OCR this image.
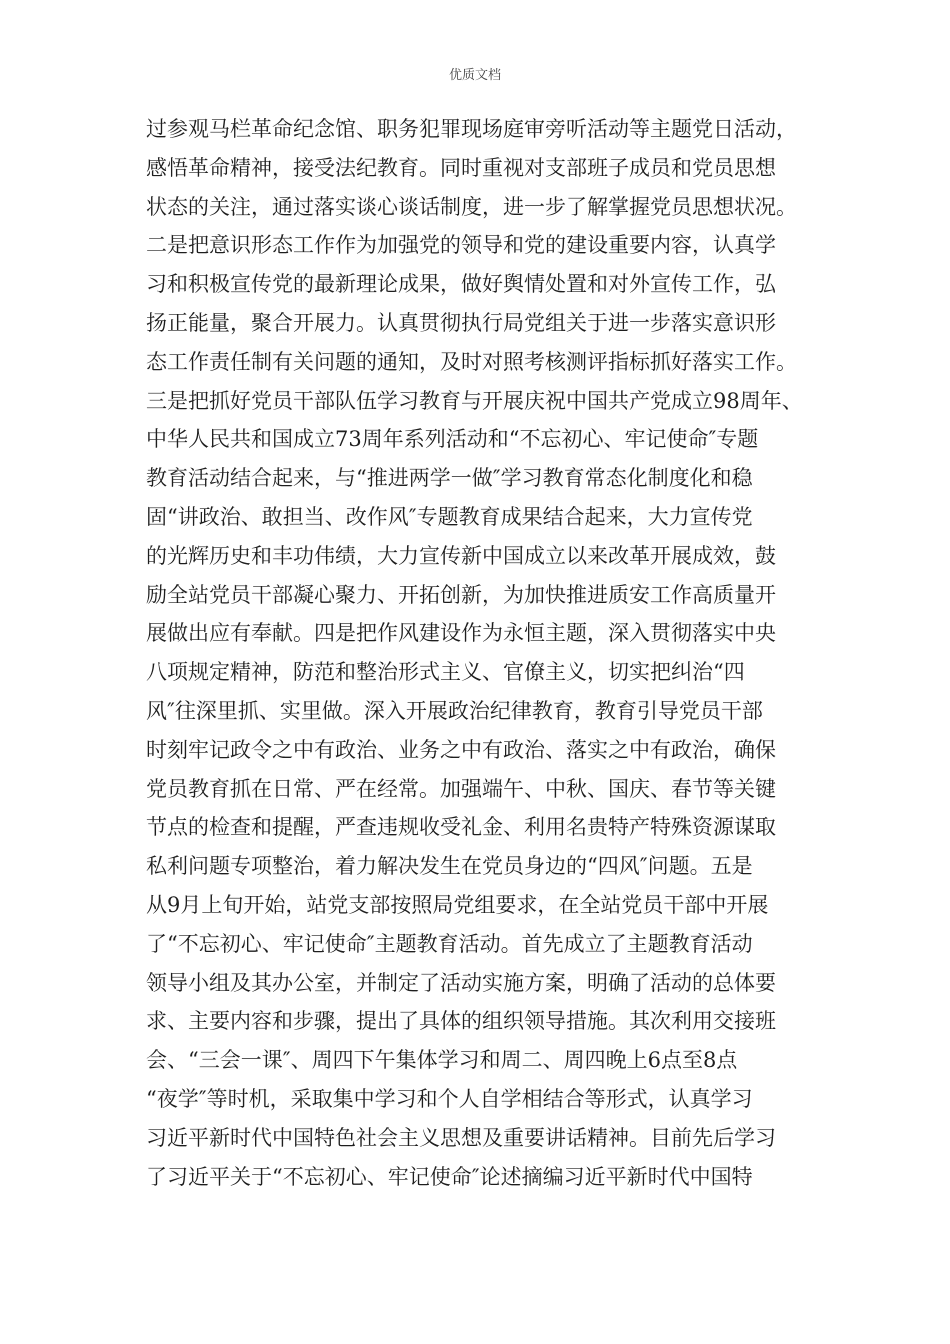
优质文档
过参观马栏革命纪念馆、职务犯罪现场庭审旁听活动等主题党日活动，
感悟革命精神，接受法纪教育。同时重视对支部班子成员和党员思想
状态的关注，通过落实谈心谈话制度，进一步了解掌握党员思想状况。
二是把意识形态工作作为加强党的领导和党的建设重要内容，认真学
习和积极宣传党的最新理论成果，做好舆情处置和对外宣传工作，弘
扬正能量，聚合开展力。认真贯彻执行局党组关于进一步落实意识形
态工作责任制有关问题的通知，及时对照考核测评指标抓好落实工作。
三是把抓好党员干部队伍学习教育与开展庆祝中国共产党成立98周年、
中华人民共和国成立73周年系列活动和“不忘初心、牢记使命″专题
教育活动结合起来，与“推进两学一做″学习教育常态化制度化和稳
固“讲政治、敢担当、改作风″专题教育成果结合起来，大力宣传党
的光辉历史和丰功伟绩，大力宣传新中国成立以来改革开展成效，鼓
励全站党员干部凝心聚力、开拓创新，为加快推进质安工作高质量开
展做出应有奉献。四是把作风建设作为永恒主题，深入贯彻落实中央
八项规定精神，防范和整治形式主义、官僚主义，切实把纠治“四
风″往深里抓、实里做。深入开展政治纪律教育，教育引导党员干部
时刻牢记政令之中有政治、业务之中有政治、落实之中有政治，确保
党员教育抓在日常、严在经常。加强端午、中秋、国庆、春节等关键
节点的检查和提醒，严查违规收受礼金、利用名贵特产特殊资源谋取
私利问题专项整治，着力解决发生在党员身边的“四风″问题。五是
从9月上旬开始，站党支部按照局党组要求，在全站党员干部中开展
了“不忘初心、牢记使命″主题教育活动。首先成立了主题教育活动
领导小组及其办公室，并制定了活动实施方案，明确了活动的总体要
求、主要内容和步骤，提出了具体的组织领导措施。其次利用交接班
会、“三会一课″、周四下午集体学习和周二、周四晚上6点至8点
“夜学″等时机，采取集中学习和个人自学相结合等形式，认真学习
习近平新时代中国特色社会主义思想及重要讲话精神。目前先后学习
了习近平关于“不忘初心、牢记使命″论述摘编习近平新时代中国特
